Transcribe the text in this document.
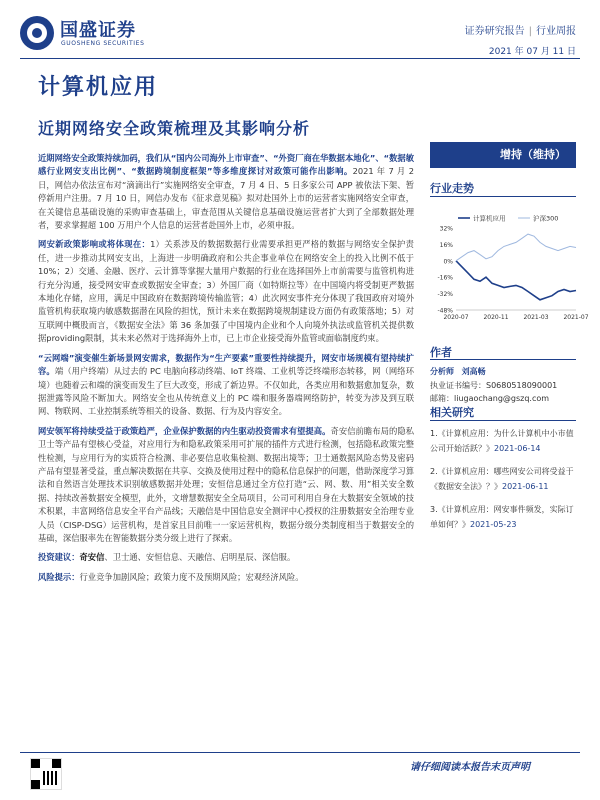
国盛证券
GUOSHENG SECURITIES
证券研究报告 | 行业周报
2021 年 07 月 11 日
计算机应用
近期网络安全政策梳理及其影响分析

近期网络安全政策持续加码，我们从“国内公司海外上市审查”、“外资厂商在华数据本地化”、“数据敏感行业网安支出比例”、“数据跨境制度框架”等多维度探讨对政策可能作出影响。2021 年 7 月 2 日，网信办依法宣布对“滴滴出行”实施网络安全审查，7 月 4 日、5 日多家公司 APP 被依法下架、暂停新用户注册。7 月 10 日，网信办发布《征求意见稿》拟对赴国外上市的运营者实施网络安全审查，在关键信息基础设施的采购审查基础上，审查范围从关键信息基础设施运营者扩大到了全部数据处理者，要求掌握超 100 万用户个人信息的运营者赴国外上市，必须申报。

网安新政策影响或将体现在：1）关系涉及的数据数据行业需要承担更严格的数据与网络安全保护责任，进一步推动其网安支出，上海进一步明确政府和公共企事业单位在网络安全上的投入比例不低于 10%；2）交通、金融、医疗、云计算等掌握大量用户数据的行业在选择国外上市前需要与监管机构进行充分沟通，接受网安审查或数据安全审查；3）外国厂商（如特斯拉等）在中国境内将受制更严数据本地化存储，应用，满足中国政府在数据跨境传输监管；4）此次网安事件充分体现了我国政府对境外监管机构获取境内敏感数据潜在风险的担忧，预计未来在数据跨境规制建设方面仍有政策落地；5）对互联网中概股而言，《数据安全法》第 36 条加强了中国境内企业和个人向境外执法或监管机关提供数据providing限制，其未来必然对于选择海外上市，已上市企业接受海外监管或面临制度约束。

“云网端”演变催生新场景网安需求，数据作为“生产要素”重要性持续提升，网安市场规模有望持续扩容。端（用户终端）从过去的 PC 电脑向移动终端、IoT 终端、工业机等泛终端形态转移，网（网络环境）也随着云和端的演变而发生了巨大改变，形成了新边界。不仅如此，各类应用和数据愈加复杂，数据泄露等风险不断加大。网络安全也从传统意义上的 PC 端和服务器端网络防护，转变为涉及到互联网、物联网、工业控制系统等相关的设备、数据、行为及内容安全。

网安领军将持续受益于政策趋严，企业保护数据的内生驱动投资需求有望提高。奇安信前瞻布局的隐私卫士等产品有望核心受益，对应用行为和隐私政策采用可扩展的插件方式进行检测，包括隐私政策完整性检测，与应用行为的实质符合检测、非必要信息收集检测、数据出境等；卫士通数据风险态势及密码产品有望显著受益，重点解决数据在共享、交换及使用过程中的隐私信息保护的问题，借助深度学习算法和自然语言处理技术识别敏感数据并处理；安恒信息通过全方位打造“云、网、数、用”相关安全数据、持续改善数据安全模型，此外，文增慧数据安全全局项目，公司可利用自身在大数据安全领域的技术积累，丰富网络信息安全平台产品线；天融信是中国信息安全测评中心授权的注册数据安全治理专业人员（CISP-DSG）运营机构，是首家且目前唯一一家运营机构，数据分级分类制度相当于数据安全的基础，深信服率先在智能数据分类分级上进行了探索。

投资建议：奇安信、卫士通、安恒信息、天融信、启明星辰、深信服。

风险提示：行业竞争加剧风险；政策力度不及预期风险；宏观经济风险。

增持（维持）
行业走势
32%
16%
0%
-16%
-32%
-48%
2020-07 2020-11 2021-03 2021-07
计算机应用	沪深300
作者
分析师 刘高畅
执业证书编号：S0680518090001
邮箱：liugaochang@gszq.com
相关研究
1.《计算机应用：为什么计算机中小市值公司开始活跃？》2021-06-14
2.《计算机应用：哪些网安公司将受益于《数据安全法》？》2021-06-11
3.《计算机应用：网安事件频发，实际订单如何？》2021-05-23
请仔细阅读本报告末页声明
